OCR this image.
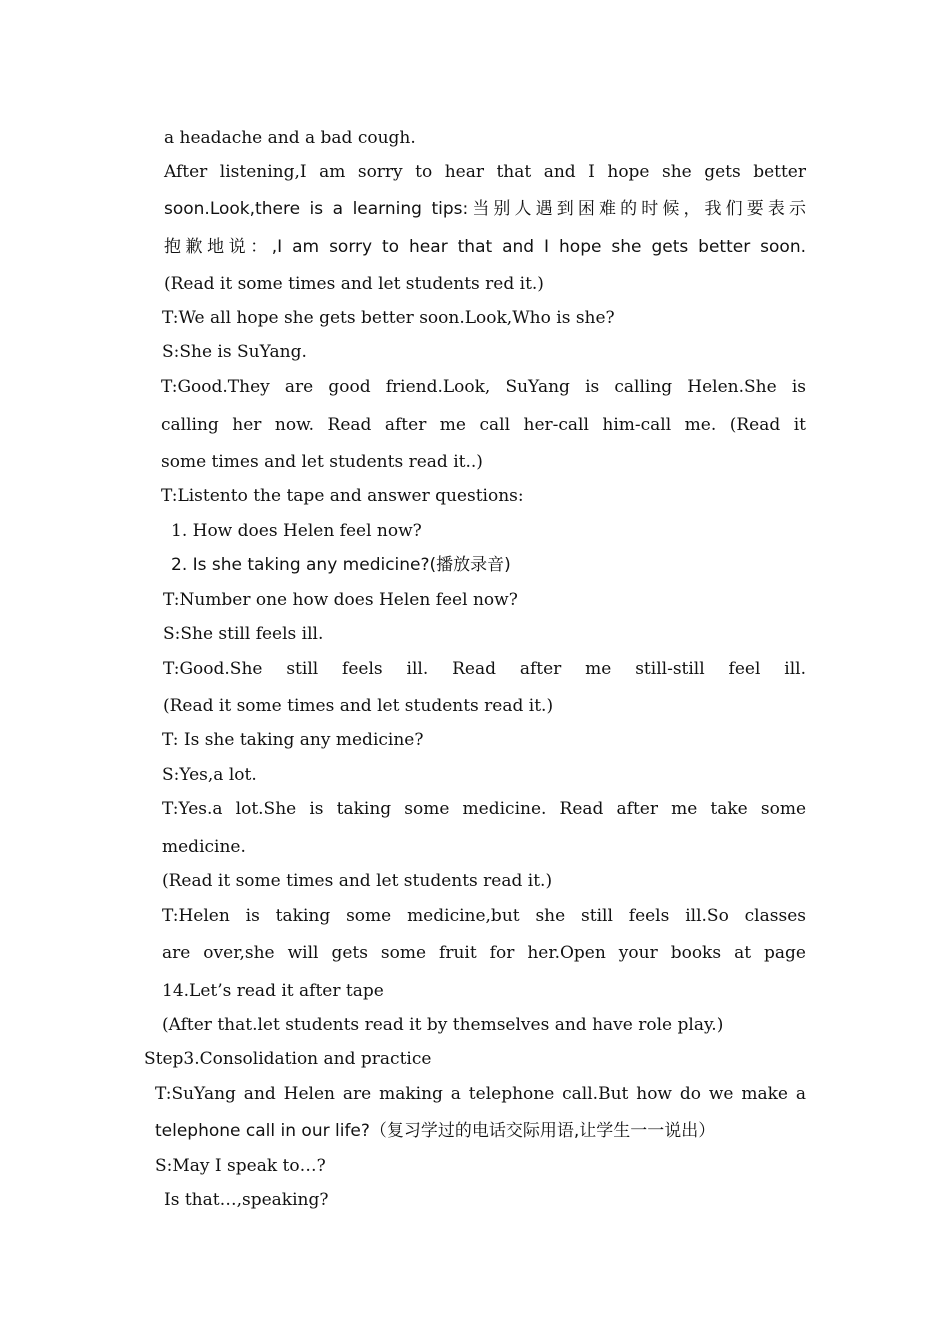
a headache and a bad cough.

After listening,I am sorry to hear that and I hope she gets better

soon.Look,there is a learning tips:当别人遇到困难的时候，我们要表示

抱歉地说：,I am sorry to hear that and I hope she gets better soon.

(Read it some times and let students red it.)

T:We all hope she gets better soon.Look,Who is she?

S:She is SuYang.

T:Good.They are good friend.Look, SuYang is calling Helen.She is

calling her now. Read after me call her-call him-call me. (Read it

some times and let students read it..)

T:Listento the tape and answer questions:

1. How does Helen feel now?

2. Is she taking any medicine?(播放录音)

T:Number one how does Helen feel now?

S:She still feels ill.

T:Good.She still feels ill. Read after me still-still feel ill.

(Read it some times and let students read it.)

T: Is she taking any medicine?

S:Yes,a lot.

T:Yes.a lot.She is taking some medicine. Read after me take some

medicine.

(Read it some times and let students read it.)

T:Helen is taking some medicine,but she still feels ill.So classes

are over,she will gets some fruit for her.Open your books at page

14.Let’s read it after tape

(After that.let students read it by themselves and have role play.)

Step3.Consolidation and practice

T:SuYang and Helen are making a telephone call.But how do we make a

telephone call in our life?（复习学过的电话交际用语,让学生一一说出）

S:May I speak to…?

Is that…,speaking?
